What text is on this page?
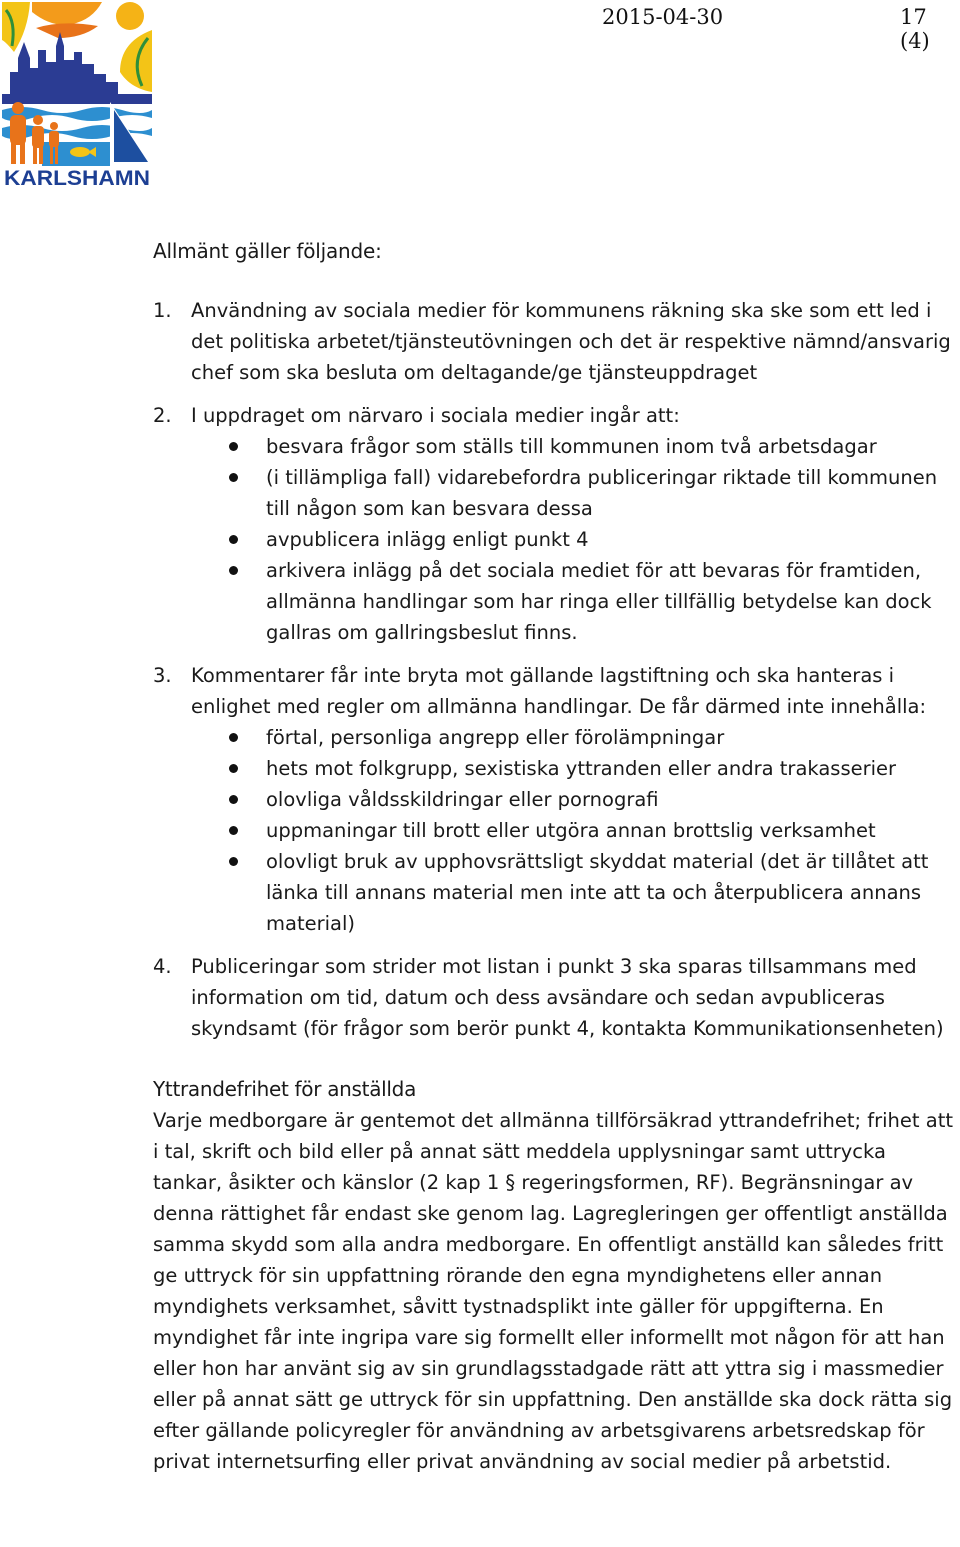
KARLSHAMN
2015-04-30	17 (4)
Allmänt gäller följande:
1. Användning av sociala medier för kommunens räkning ska ske som ett led i det politiska arbetet/tjänsteutövningen och det är respektive nämnd/ansvarig chef som ska besluta om deltagande/ge tjänsteuppdraget
2. I uppdraget om närvaro i sociala medier ingår att:
besvara frågor som ställs till kommunen inom två arbetsdagar
(i tillämpliga fall) vidarebefordra publiceringar riktade till kommunen till någon som kan besvara dessa
avpublicera inlägg enligt punkt 4
arkivera inlägg på det sociala mediet för att bevaras för framtiden, allmänna handlingar som har ringa eller tillfällig betydelse kan dock gallras om gallringsbeslut finns.
3. Kommentarer får inte bryta mot gällande lagstiftning och ska hanteras i enlighet med regler om allmänna handlingar. De får därmed inte innehålla:
förtal, personliga angrepp eller förolämpningar
hets mot folkgrupp, sexistiska yttranden eller andra trakasserier
olovliga våldsskildringar eller pornografi
uppmaningar till brott eller utgöra annan brottslig verksamhet
olovligt bruk av upphovsrättsligt skyddat material (det är tillåtet att länka till annans material men inte att ta och återpublicera annans material)
4. Publiceringar som strider mot listan i punkt 3 ska sparas tillsammans med information om tid, datum och dess avsändare och sedan avpubliceras skyndsamt (för frågor som berör punkt 4, kontakta Kommunikationsenheten)
Yttrandefrihet för anställda

Varje medborgare är gentemot det allmänna tillförsäkrad yttrandefrihet; frihet att i tal, skrift och bild eller på annat sätt meddela upplysningar samt uttrycka tankar, åsikter och känslor (2 kap 1 § regeringsformen, RF). Begränsningar av denna rättighet får endast ske genom lag. Lagregleringen ger offentligt anställda samma skydd som alla andra medborgare. En offentligt anställd kan således fritt ge uttryck för sin uppfattning rörande den egna myndighetens eller annan myndighets verksamhet, såvitt tystnadsplikt inte gäller för uppgifterna. En myndighet får inte ingripa vare sig formellt eller informellt mot någon för att han eller hon har använt sig av sin grundlagsstadgade rätt att yttra sig i massmedier eller på annat sätt ge uttryck för sin uppfattning. Den anställde ska dock rätta sig efter gällande policyregler för användning av arbetsgivarens arbetsredskap för privat internetsurfing eller privat användning av social medier på arbetstid.
